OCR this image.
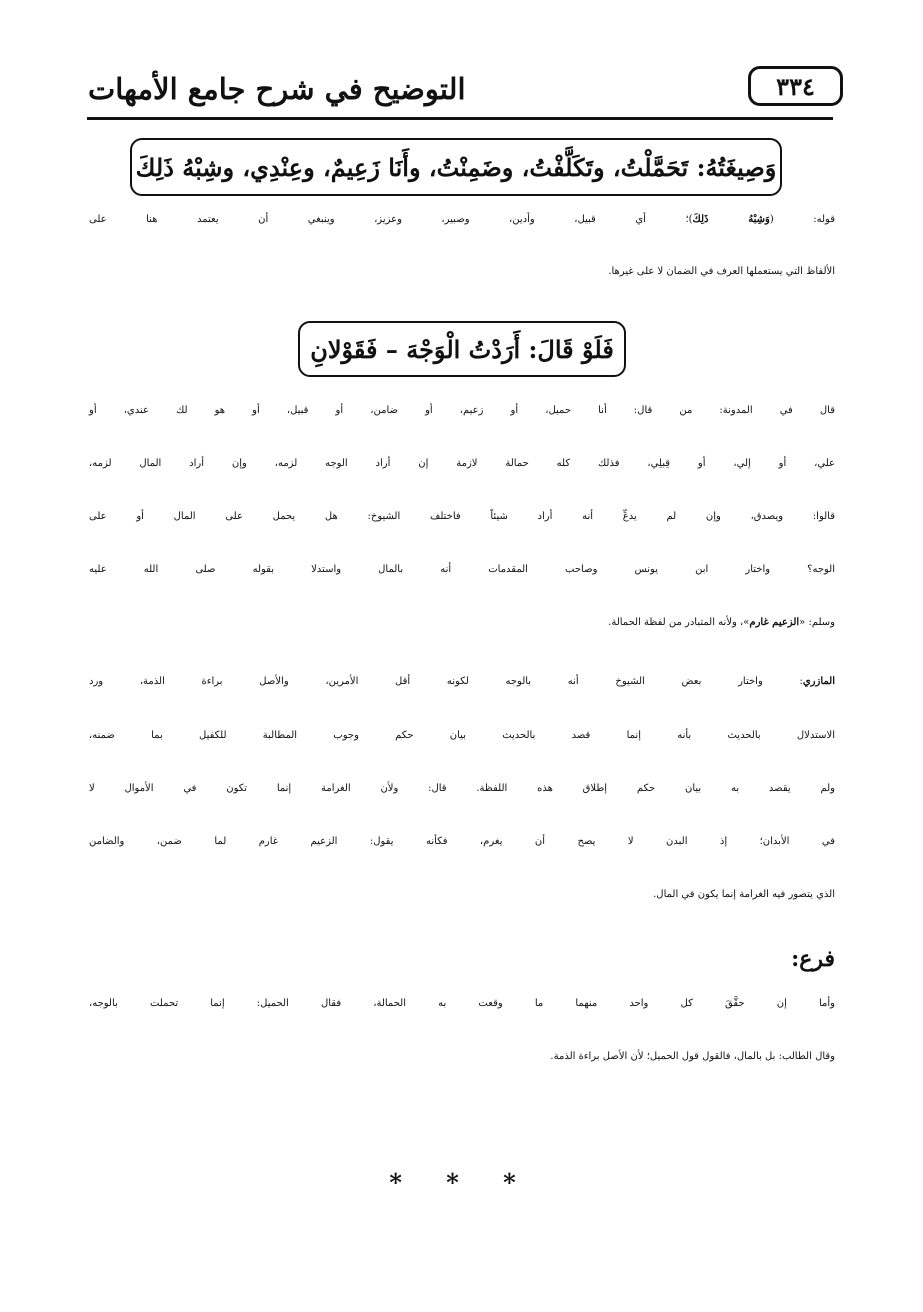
التوضيح في شرح جامع الأمهات	٣٣٤
وَصِيغَتُهُ: تَحَمَّلْتُ، وتَكَلَّفْتُ، وضَمِنْتُ، وأَنَا زَعِيمٌ، وعِنْدِي، وشِبْهُ ذَلِكَ
قوله: (وَشِبْهُ ذَلِكَ)؛ أي قبيل، وأدين، وصبير، وعزيز، وينبغي أن يعتمد هنا على
الألفاظ التي يستعملها العرف في الضمان لا على غيرها.
فَلَوْ قَالَ: أَرَدْتُ الْوَجْهَ – فَقَوْلانِ
قال في المدونة: من قال: أنا حميل، أو زعيم، أو ضامن، أو قبيل، أو هو لك عندي، أو
علي، أو إلي، أو قِبلِي، فذلك كله حمالة لازمة إن أراد الوجه لزمه، وإن أراد المال لزمه،
قالوا: ويصدق، وإن لم يدعِّ أنه أراد شيئاً فاختلف الشيوخ: هل يحمل على المال أو على
الوجه؟ واختار ابن يونس وصاحب المقدمات أنه بالمال واستدلا بقوله صلى الله عليه
وسلم: «الزعيم غارم»، ولأنه المتبادر من لفظة الحمالة.
المازري: واختار بعض الشيوخ أنه بالوجه لكونه أقل الأمرين، والأصل براءة الذمة، ورد
الاستدلال بالحديث بأنه إنما قصد بالحديث بيان حكم وجوب المطالبة للكفيل بما ضمنه،
ولم يقصد به بيان حكم إطلاق هذه اللفظة. قال: ولأن الغرامة إنما تكون في الأموال لا
في الأبدان؛ إذ البدن لا يصح أن يغرم، فكأنه يقول: الزعيم غارم لما ضمن، والضامن
الذي يتصور فيه الغرامة إنما يكون في المال.
فرع:
وأما إن حقَّقَ كل واحد منهما ما وقعت به الحمالة، فقال الحميل: إنما تحملت بالوجه،
وقال الطالب: بل بالمال، فالقول قول الحميل؛ لأن الأصل براءة الذمة.
* * *
